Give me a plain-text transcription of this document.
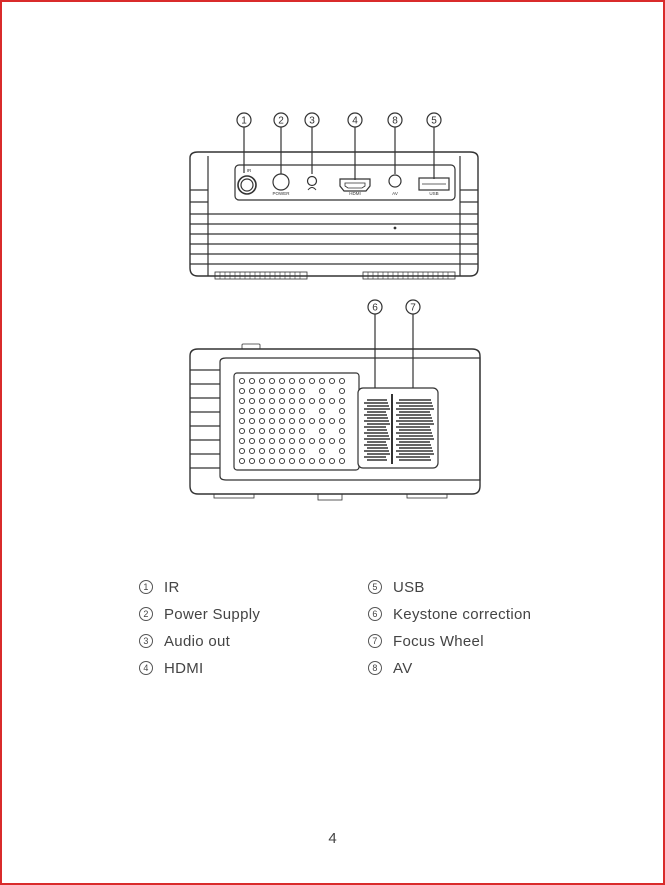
1	2	3	4	8	5
IR
POWER	HDMI	AV	USB
6	7
1 IR
2 Power Supply
3 Audio out
4 HDMI
5 USB
6 Keystone correction
7 Focus Wheel
8 AV
4
